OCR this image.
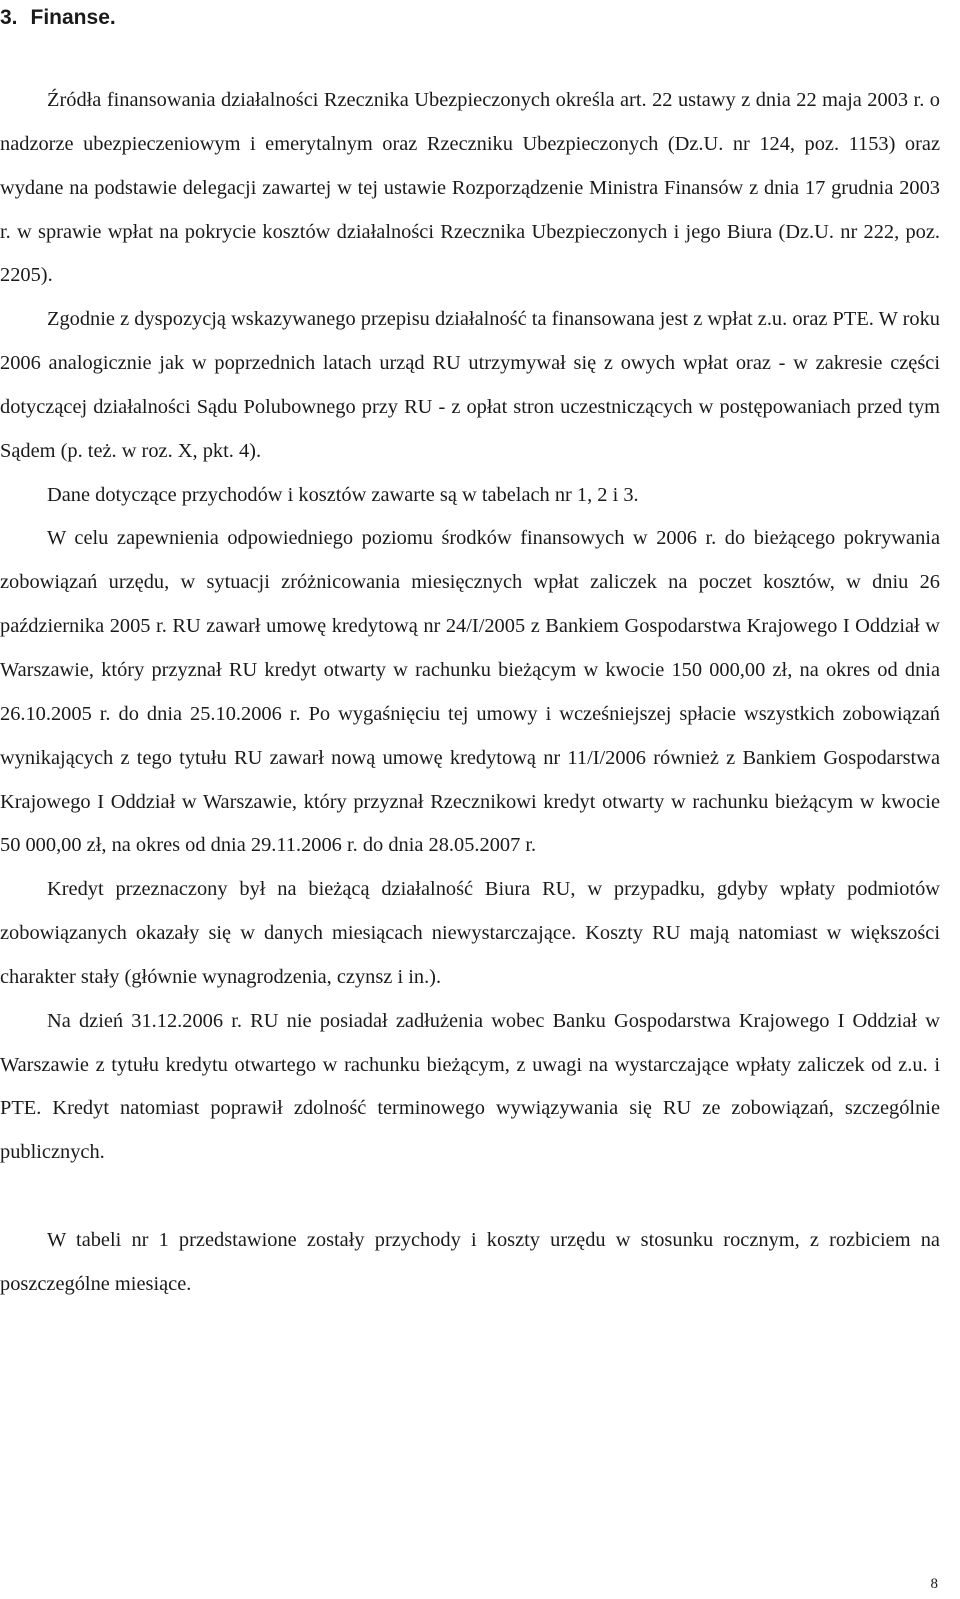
3. Finanse.

Źródła finansowania działalności Rzecznika Ubezpieczonych określa art. 22 ustawy z dnia 22 maja 2003 r. o nadzorze ubezpieczeniowym i emerytalnym oraz Rzeczniku Ubezpieczonych (Dz.U. nr 124, poz. 1153) oraz wydane na podstawie delegacji zawartej w tej ustawie Rozporządzenie Ministra Finansów z dnia 17 grudnia 2003 r. w sprawie wpłat na pokrycie kosztów działalności Rzecznika Ubezpieczonych i jego Biura (Dz.U. nr 222, poz. 2205).

Zgodnie z dyspozycją wskazywanego przepisu działalność ta finansowana jest z wpłat z.u. oraz PTE. W roku 2006 analogicznie jak w poprzednich latach urząd RU utrzymywał się z owych wpłat oraz - w zakresie części dotyczącej działalności Sądu Polubownego przy RU - z opłat stron uczestniczących w postępowaniach przed tym Sądem (p. też. w roz. X, pkt. 4).

Dane dotyczące przychodów i kosztów zawarte są w tabelach nr 1, 2 i 3.

W celu zapewnienia odpowiedniego poziomu środków finansowych w 2006 r. do bieżącego pokrywania zobowiązań urzędu, w sytuacji zróżnicowania miesięcznych wpłat zaliczek na poczet kosztów, w dniu 26 października 2005 r. RU zawarł umowę kredytową nr 24/I/2005 z Bankiem Gospodarstwa Krajowego I Oddział w Warszawie, który przyznał RU kredyt otwarty w rachunku bieżącym w kwocie 150 000,00 zł, na okres od dnia 26.10.2005 r. do dnia 25.10.2006 r. Po wygaśnięciu tej umowy i wcześniejszej spłacie wszystkich zobowiązań wynikających z tego tytułu RU zawarł nową umowę kredytową nr 11/I/2006 również z Bankiem Gospodarstwa Krajowego I Oddział w Warszawie, który przyznał Rzecznikowi kredyt otwarty w rachunku bieżącym w kwocie 50 000,00 zł, na okres od dnia 29.11.2006 r. do dnia 28.05.2007 r.

Kredyt przeznaczony był na bieżącą działalność Biura RU, w przypadku, gdyby wpłaty podmiotów zobowiązanych okazały się w danych miesiącach niewystarczające. Koszty RU mają natomiast w większości charakter stały (głównie wynagrodzenia, czynsz i in.).

Na dzień 31.12.2006 r. RU nie posiadał zadłużenia wobec Banku Gospodarstwa Krajowego I Oddział w Warszawie z tytułu kredytu otwartego w rachunku bieżącym, z uwagi na wystarczające wpłaty zaliczek od z.u. i PTE. Kredyt natomiast poprawił zdolność terminowego wywiązywania się RU ze zobowiązań, szczególnie publicznych.

W tabeli nr 1 przedstawione zostały przychody i koszty urzędu w stosunku rocznym, z rozbiciem na poszczególne miesiące.

8
